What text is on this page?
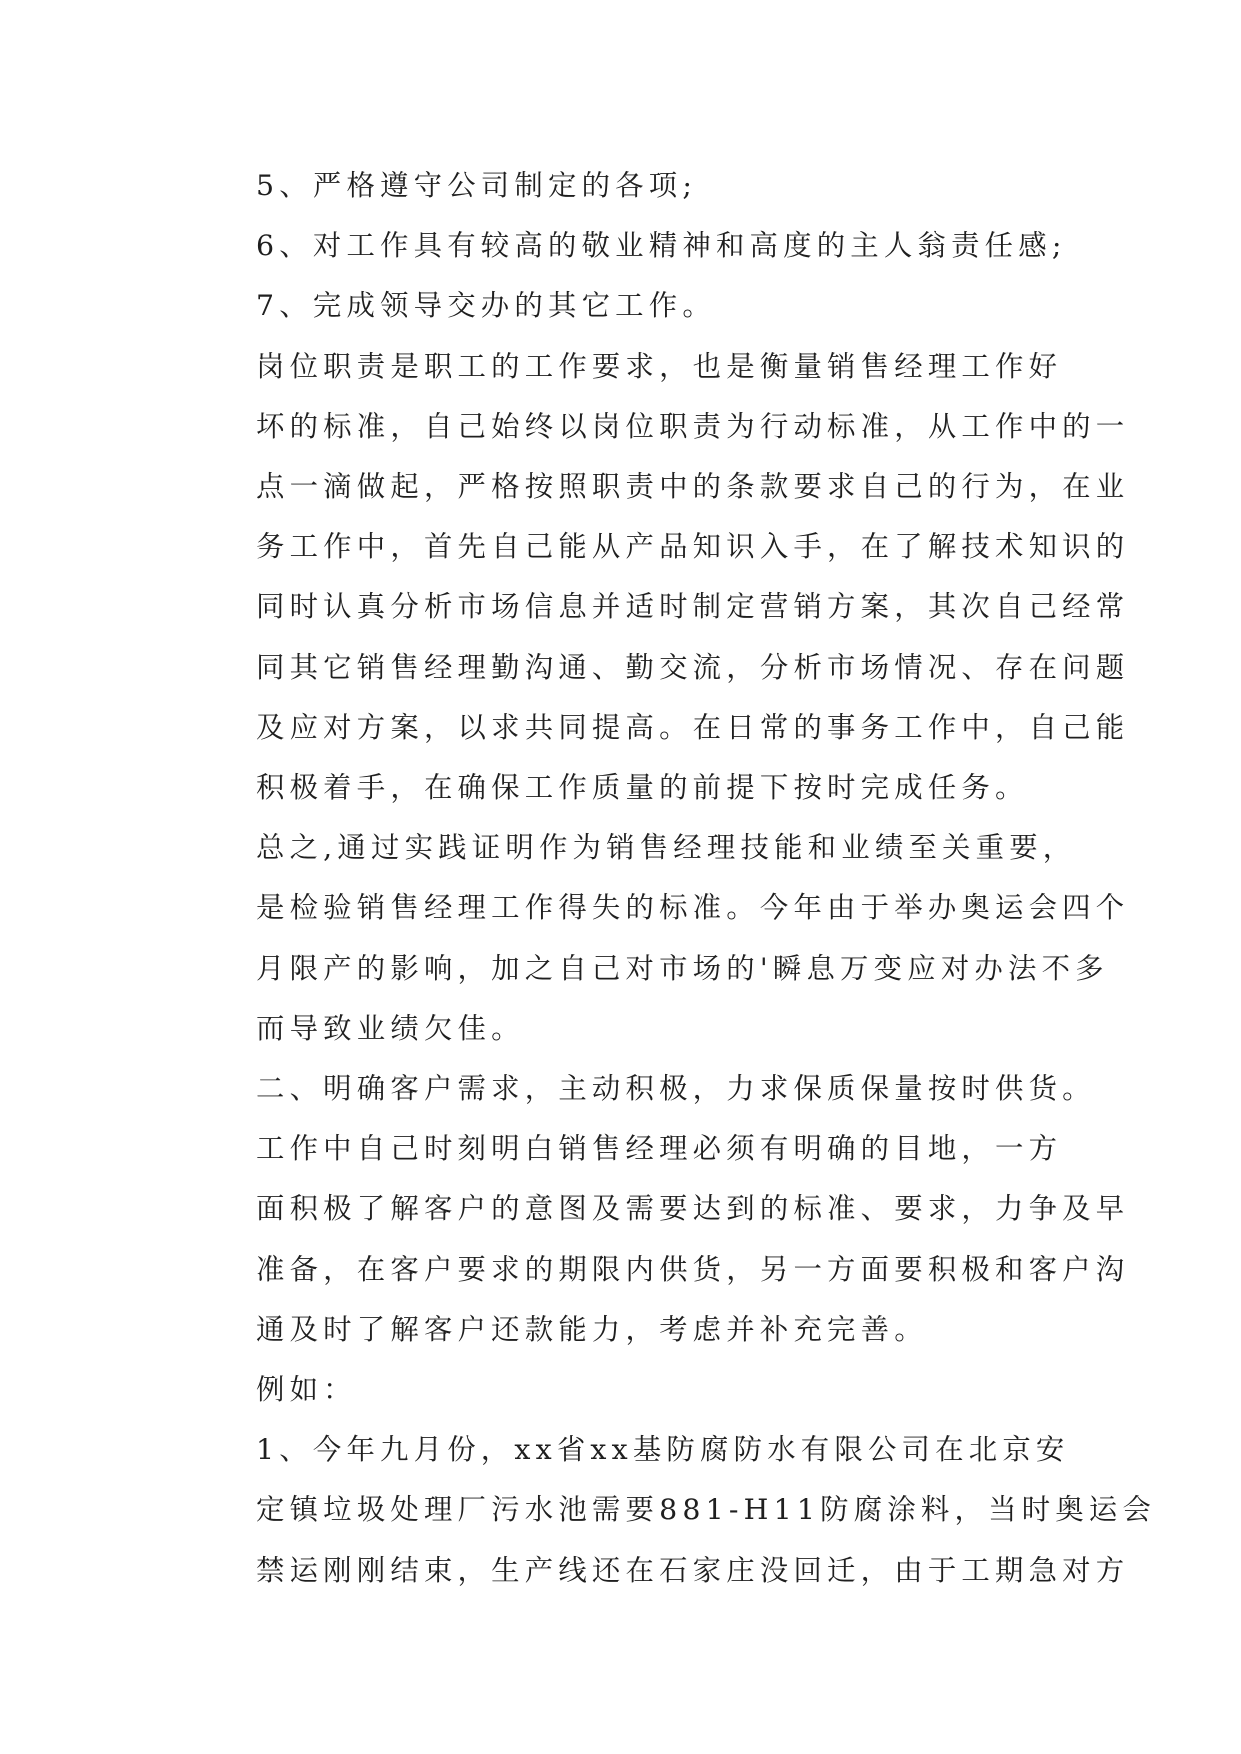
5、严格遵守公司制定的各项;

6、对工作具有较高的敬业精神和高度的主人翁责任感;

7、完成领导交办的其它工作。

岗位职责是职工的工作要求，也是衡量销售经理工作好
坏的标准，自己始终以岗位职责为行动标准，从工作中的一
点一滴做起，严格按照职责中的条款要求自己的行为，在业
务工作中，首先自己能从产品知识入手，在了解技术知识的
同时认真分析市场信息并适时制定营销方案，其次自己经常
同其它销售经理勤沟通、勤交流，分析市场情况、存在问题
及应对方案，以求共同提高。在日常的事务工作中，自己能
积极着手，在确保工作质量的前提下按时完成任务。

总之,通过实践证明作为销售经理技能和业绩至关重要，
是检验销售经理工作得失的标准。今年由于举办奥运会四个
月限产的影响，加之自己对市场的'瞬息万变应对办法不多
而导致业绩欠佳。

二、明确客户需求，主动积极，力求保质保量按时供货。

工作中自己时刻明白销售经理必须有明确的目地，一方
面积极了解客户的意图及需要达到的标准、要求，力争及早
准备，在客户要求的期限内供货，另一方面要积极和客户沟
通及时了解客户还款能力，考虑并补充完善。

例如：

1、今年九月份，xx省xx基防腐防水有限公司在北京安
定镇垃圾处理厂污水池需要881-H11防腐涂料，当时奥运会
禁运刚刚结束，生产线还在石家庄没回迁，由于工期急对方
